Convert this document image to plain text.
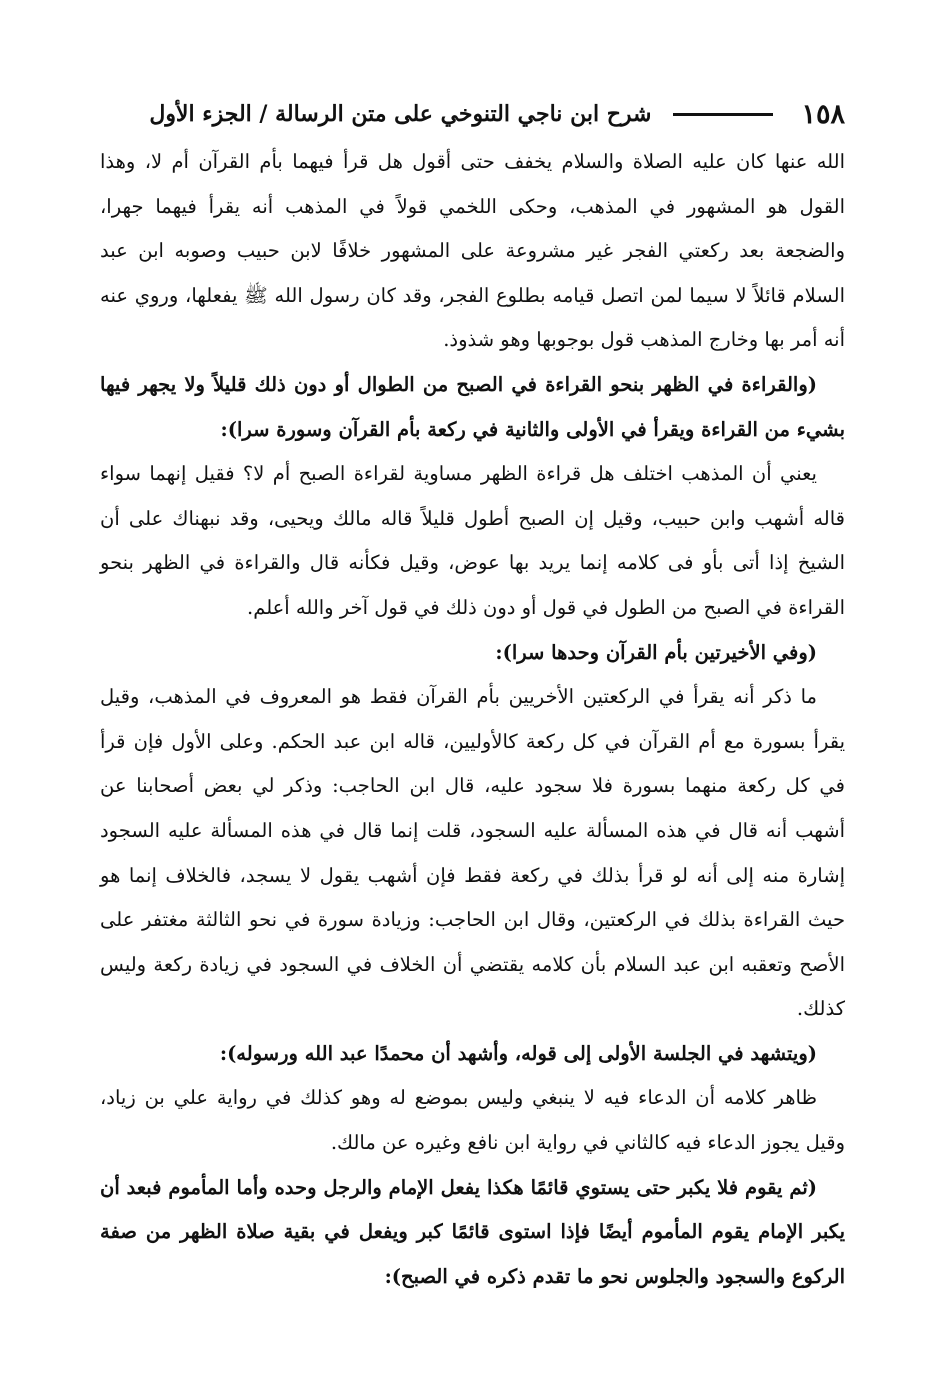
١٥٨
شرح ابن ناجي التنوخي على متن الرسالة / الجزء الأول

الله عنها كان عليه الصلاة والسلام يخفف حتى أقول هل قرأ فيهما بأم القرآن أم لا، وهذا القول هو المشهور في المذهب، وحكى اللخمي قولاً في المذهب أنه يقرأ فيهما جهرا، والضجعة بعد ركعتي الفجر غير مشروعة على المشهور خلافًا لابن حبيب وصوبه ابن عبد السلام قائلاً لا سيما لمن اتصل قيامه بطلوع الفجر، وقد كان رسول الله ﷺ يفعلها، وروي عنه أنه أمر بها وخارج المذهب قول بوجوبها وهو شذوذ.

(والقراءة في الظهر بنحو القراءة في الصبح من الطوال أو دون ذلك قليلاً ولا يجهر فيها بشيء من القراءة ويقرأ في الأولى والثانية في ركعة بأم القرآن وسورة سرا):

يعني أن المذهب اختلف هل قراءة الظهر مساوية لقراءة الصبح أم لا؟ فقيل إنهما سواء قاله أشهب وابن حبيب، وقيل إن الصبح أطول قليلاً قاله مالك ويحيى، وقد نبهناك على أن الشيخ إذا أتى بأو فى كلامه إنما يريد بها عوض، وقيل فكأنه قال والقراءة في الظهر بنحو القراءة في الصبح من الطول في قول أو دون ذلك في قول آخر والله أعلم.

(وفي الأخيرتين بأم القرآن وحدها سرا):

ما ذكر أنه يقرأ في الركعتين الأخريين بأم القرآن فقط هو المعروف في المذهب، وقيل يقرأ بسورة مع أم القرآن في كل ركعة كالأوليين، قاله ابن عبد الحكم. وعلى الأول فإن قرأ في كل ركعة منهما بسورة فلا سجود عليه، قال ابن الحاجب: وذكر لي بعض أصحابنا عن أشهب أنه قال في هذه المسألة عليه السجود، قلت إنما قال في هذه المسألة عليه السجود إشارة منه إلى أنه لو قرأ بذلك في ركعة فقط فإن أشهب يقول لا يسجد، فالخلاف إنما هو حيث القراءة بذلك في الركعتين، وقال ابن الحاجب: وزيادة سورة في نحو الثالثة مغتفر على الأصح وتعقبه ابن عبد السلام بأن كلامه يقتضي أن الخلاف في السجود في زيادة ركعة وليس كذلك.

(ويتشهد في الجلسة الأولى إلى قوله، وأشهد أن محمدًا عبد الله ورسوله):

ظاهر كلامه أن الدعاء فيه لا ينبغي وليس بموضع له وهو كذلك في رواية علي بن زياد، وقيل يجوز الدعاء فيه كالثاني في رواية ابن نافع وغيره عن مالك.

(ثم يقوم فلا يكبر حتى يستوي قائمًا هكذا يفعل الإمام والرجل وحده وأما المأموم فبعد أن يكبر الإمام يقوم المأموم أيضًا فإذا استوى قائمًا كبر ويفعل في بقية صلاة الظهر من صفة الركوع والسجود والجلوس نحو ما تقدم ذكره في الصبح):
